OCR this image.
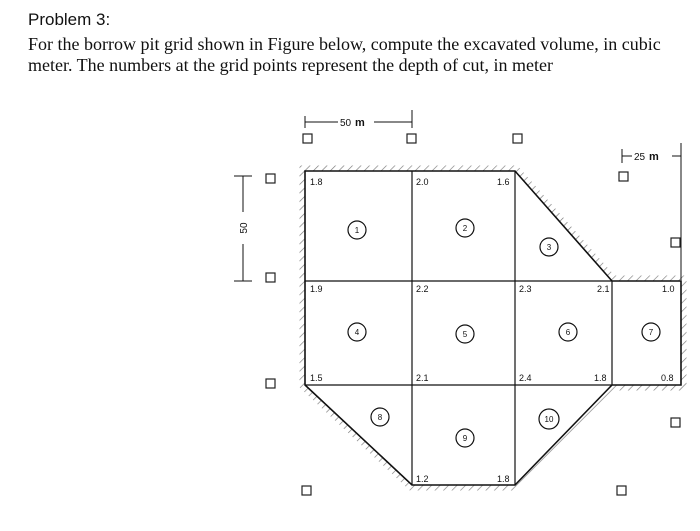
Problem 3:
For the borrow pit grid shown in Figure below, compute the excavated volume, in cubic meter. The numbers at the grid points represent the depth of cut, in meter
50 m
50
25 m
1.8	2.0	1.6
1.9	2.2	2.3	2.1	1.0
1.5	2.1	2.4	1.8	0.8
1.2	1.8
1	2
3
4	5	6	7
8
9
10
